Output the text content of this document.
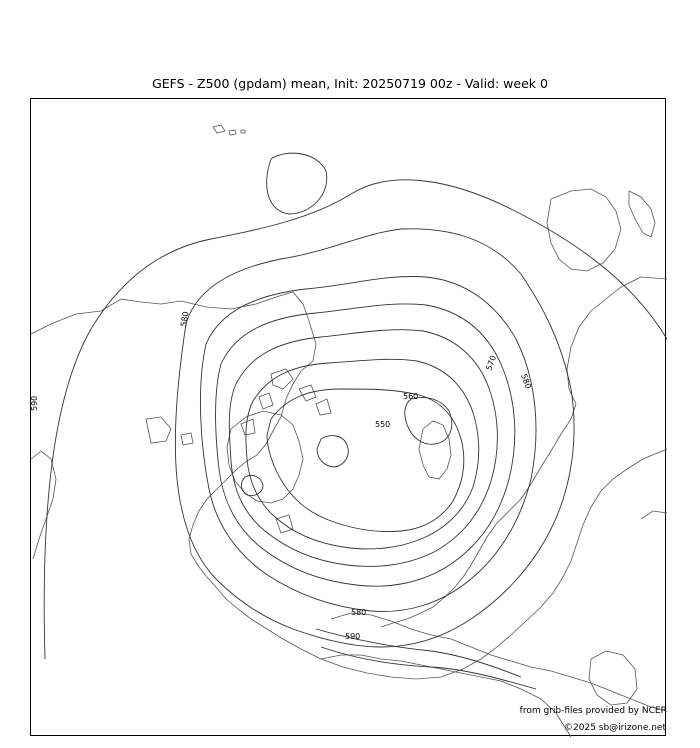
GEFS - Z500 (gpdam) mean, Init: 20250719 00z - Valid: week 0
580
590
570
580
560
550
580
590
from grib-files provided by NCEP
©2025 sb@irizone.net
